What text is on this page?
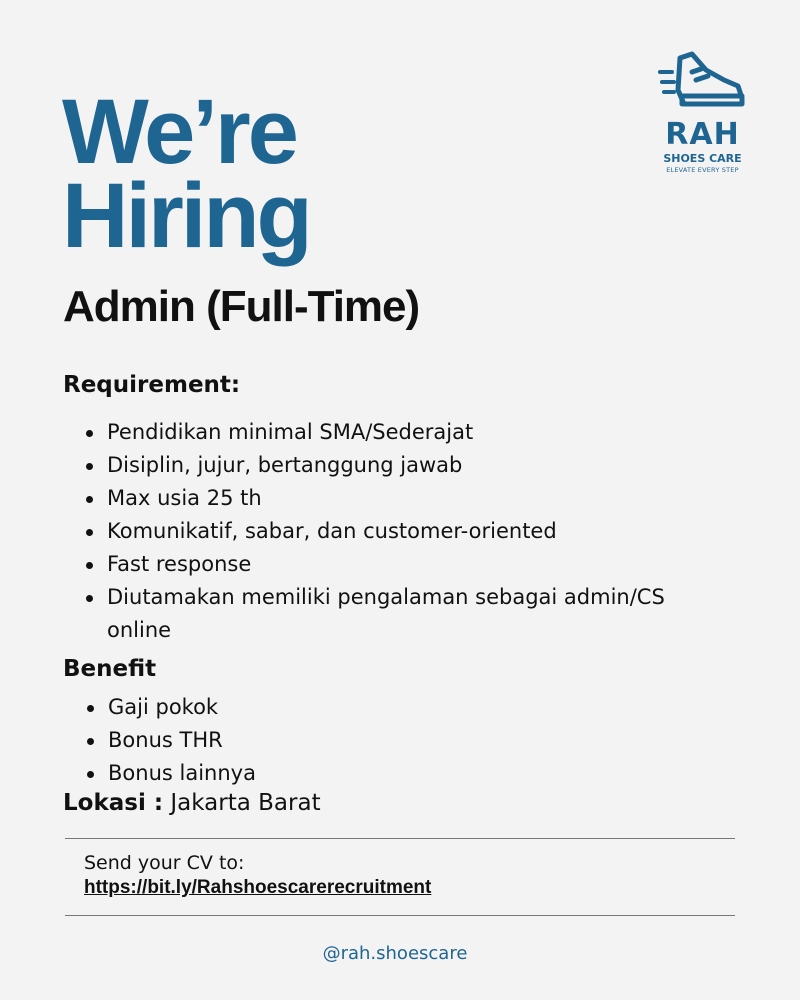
RAH
SHOES CARE
ELEVATE EVERY STEP
We’re
Hiring
Admin (Full-Time)
Requirement:
Pendidikan minimal SMA/Sederajat
Disiplin, jujur, bertanggung jawab
Max usia 25 th
Komunikatif, sabar, dan customer-oriented
Fast response
Diutamakan memiliki pengalaman sebagai admin/CS online
Benefit
Gaji pokok
Bonus THR
Bonus lainnya
Lokasi : Jakarta Barat
Send your CV to:
https://bit.ly/Rahshoescarerecruitment
@rah.shoescare
